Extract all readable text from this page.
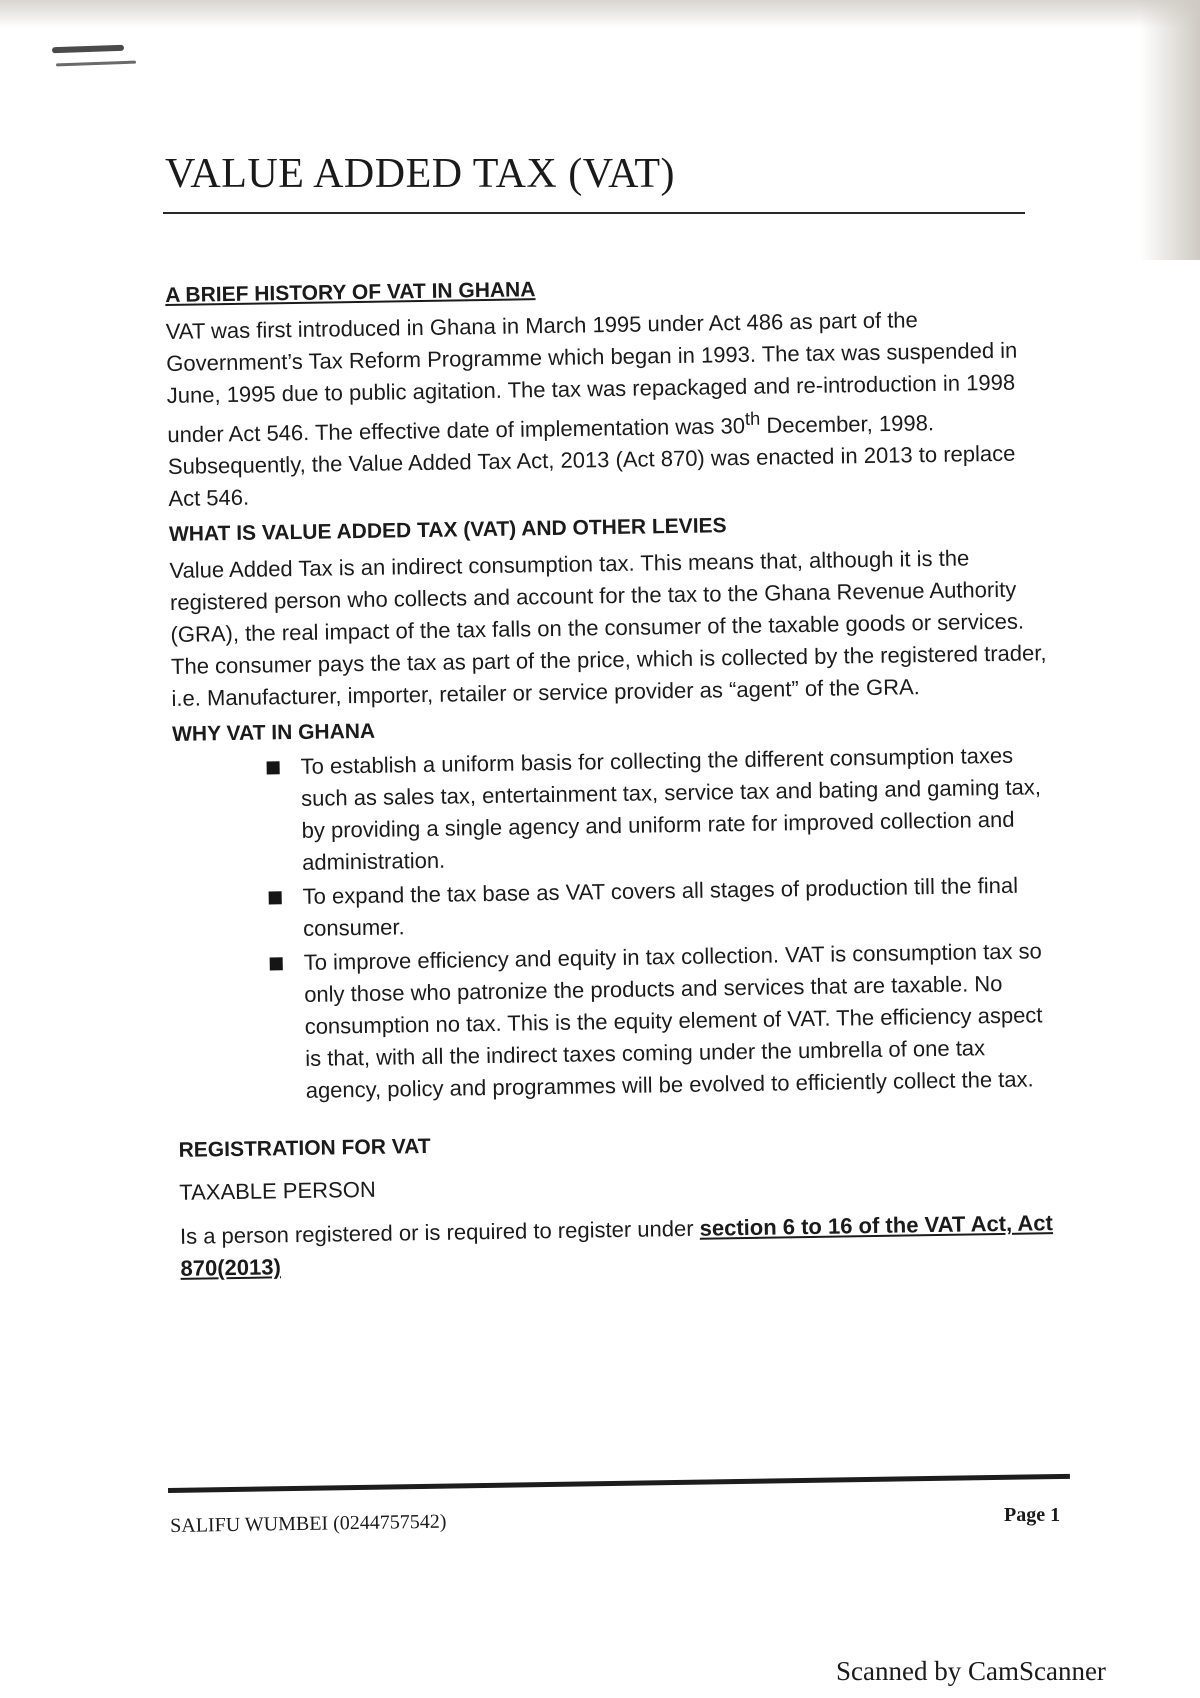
VALUE ADDED TAX (VAT)
A BRIEF HISTORY OF VAT IN GHANA

VAT was first introduced in Ghana in March 1995 under Act 486 as part of the Government’s Tax Reform Programme which began in 1993. The tax was suspended in June, 1995 due to public agitation. The tax was repackaged and re-introduction in 1998 under Act 546. The effective date of implementation was 30th December, 1998. Subsequently, the Value Added Tax Act, 2013 (Act 870) was enacted in 2013 to replace Act 546.

WHAT IS VALUE ADDED TAX (VAT) AND OTHER LEVIES

Value Added Tax is an indirect consumption tax. This means that, although it is the registered person who collects and account for the tax to the Ghana Revenue Authority (GRA), the real impact of the tax falls on the consumer of the taxable goods or services. The consumer pays the tax as part of the price, which is collected by the registered trader, i.e. Manufacturer, importer, retailer or service provider as “agent” of the GRA.

WHY VAT IN GHANA
To establish a uniform basis for collecting the different consumption taxes such as sales tax, entertainment tax, service tax and bating and gaming tax, by providing a single agency and uniform rate for improved collection and administration.
To expand the tax base as VAT covers all stages of production till the final consumer.
To improve efficiency and equity in tax collection. VAT is consumption tax so only those who patronize the products and services that are taxable. No consumption no tax. This is the equity element of VAT. The efficiency aspect is that, with all the indirect taxes coming under the umbrella of one tax agency, policy and programmes will be evolved to efficiently collect the tax.
REGISTRATION FOR VAT
TAXABLE PERSON

Is a person registered or is required to register under section 6 to 16 of the VAT Act, Act 870(2013)

SALIFU WUMBEI (0244757542)	Page 1
Scanned by CamScanner
